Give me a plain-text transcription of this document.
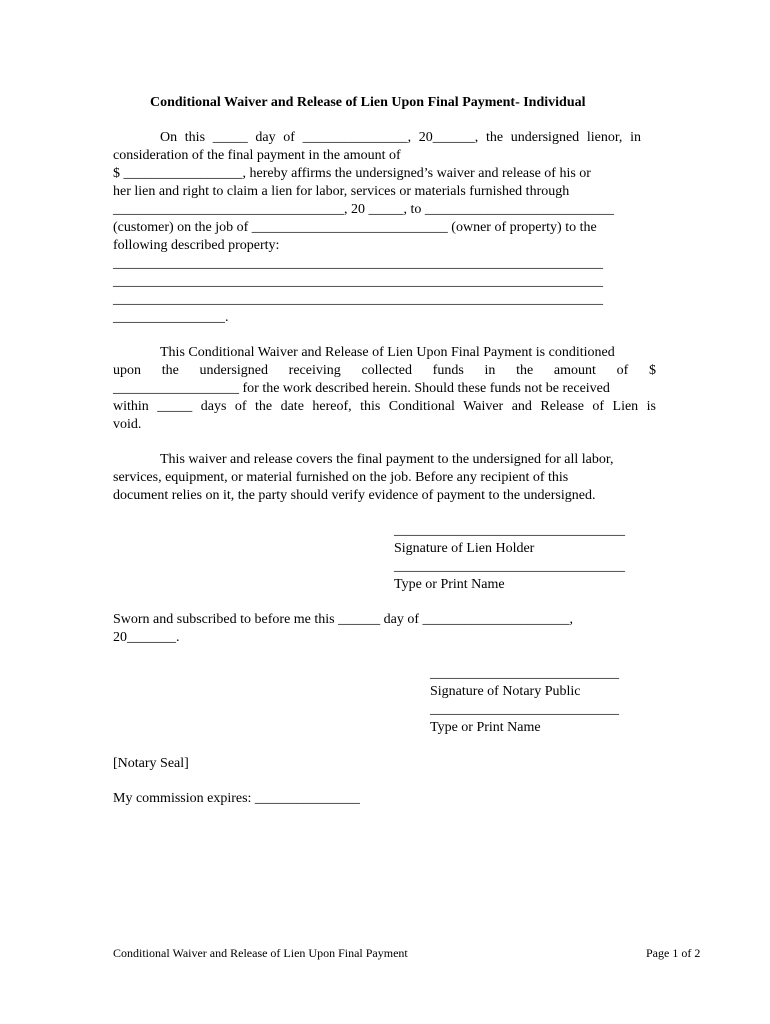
Conditional Waiver and Release of Lien Upon Final Payment- Individual
On this _____ day of _______________, 20______, the undersigned lienor, in
consideration of the final payment in the amount of
$ _________________, hereby affirms the undersigned’s waiver and release of his or
her lien and right to claim a lien for labor, services or materials furnished through
_________________________________, 20 _____, to ___________________________
(customer) on the job of ____________________________ (owner of property) to the
following described property:
______________________________________________________________________
______________________________________________________________________
______________________________________________________________________
________________.
This Conditional Waiver and Release of Lien Upon Final Payment is conditioned
upon the undersigned receiving collected funds in the amount of $
__________________ for the work described herein. Should these funds not be received
within _____ days of the date hereof, this Conditional Waiver and Release of Lien is
void.
This waiver and release covers the final payment to the undersigned for all labor,
services, equipment, or material furnished on the job. Before any recipient of this
document relies on it, the party should verify evidence of payment to the undersigned.
_________________________________
Signature of Lien Holder
_________________________________
Type or Print Name
Sworn and subscribed to before me this ______ day of _____________________,
20_______.
___________________________
Signature of Notary Public
___________________________
Type or Print Name
[Notary Seal]
My commission expires: _______________
Conditional Waiver and Release of Lien Upon Final Payment	Page 1 of 2
